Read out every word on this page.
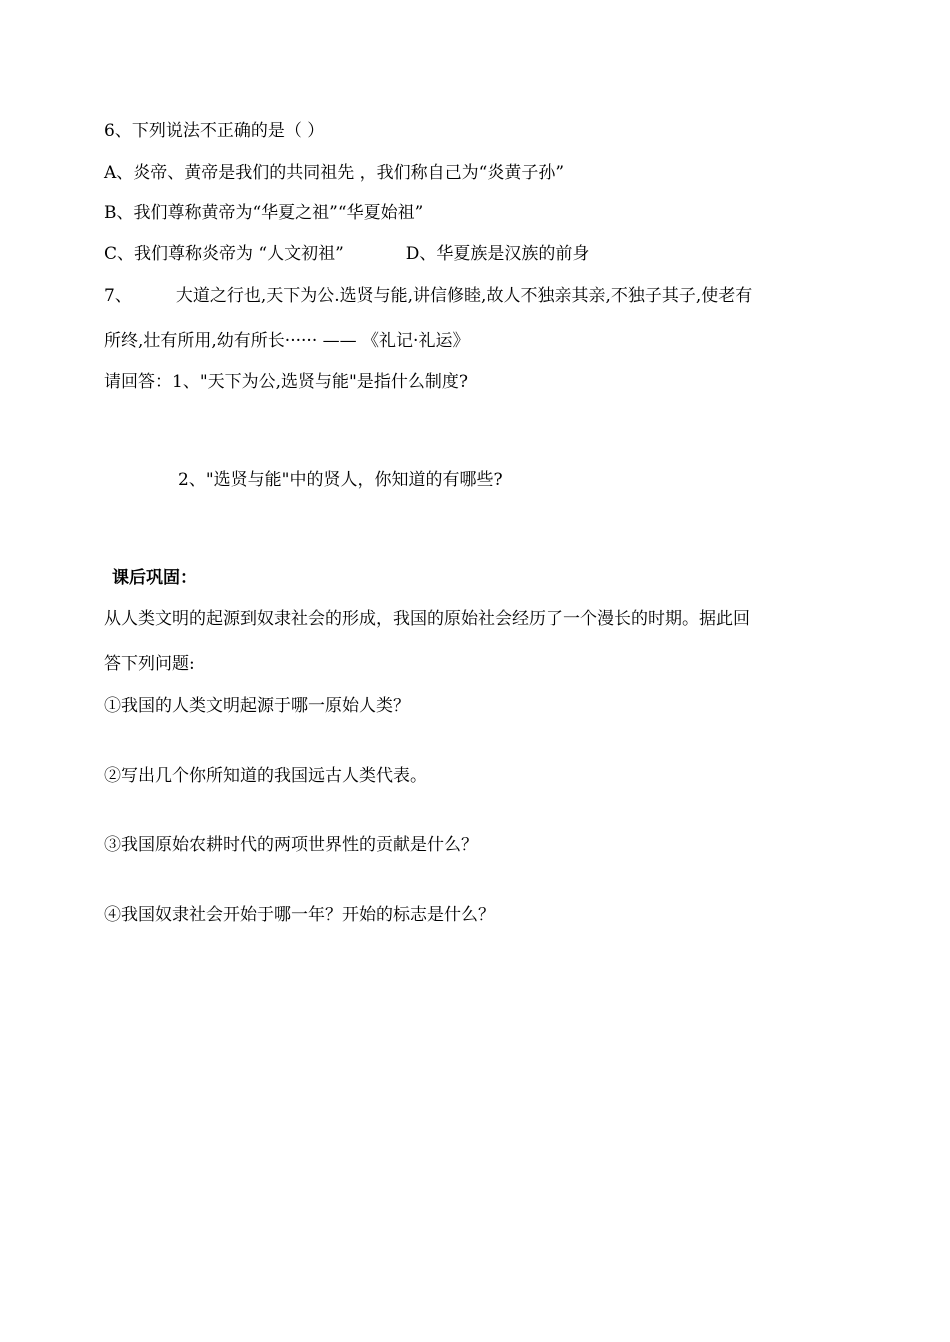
6、下列说法不正确的是（ ）
A、炎帝、黄帝是我们的共同祖先 ，我们称自己为“炎黄子孙”
B、我们尊称黄帝为“华夏之祖”“华夏始祖”
C、我们尊称炎帝为 “人文初祖”	D、华夏族是汉族的前身
7、	大道之行也,天下为公.选贤与能,讲信修睦,故人不独亲其亲,不独子其子,使老有
所终,壮有所用,幼有所长······ —— 《礼记·礼运》
请回答：1、"天下为公,选贤与能"是指什么制度?
2、"选贤与能"中的贤人，你知道的有哪些?
课后巩固：
从人类文明的起源到奴隶社会的形成，我国的原始社会经历了一个漫长的时期。据此回
答下列问题:
①我国的人类文明起源于哪一原始人类？
②写出几个你所知道的我国远古人类代表。
③我国原始农耕时代的两项世界性的贡献是什么？
④我国奴隶社会开始于哪一年？开始的标志是什么？
